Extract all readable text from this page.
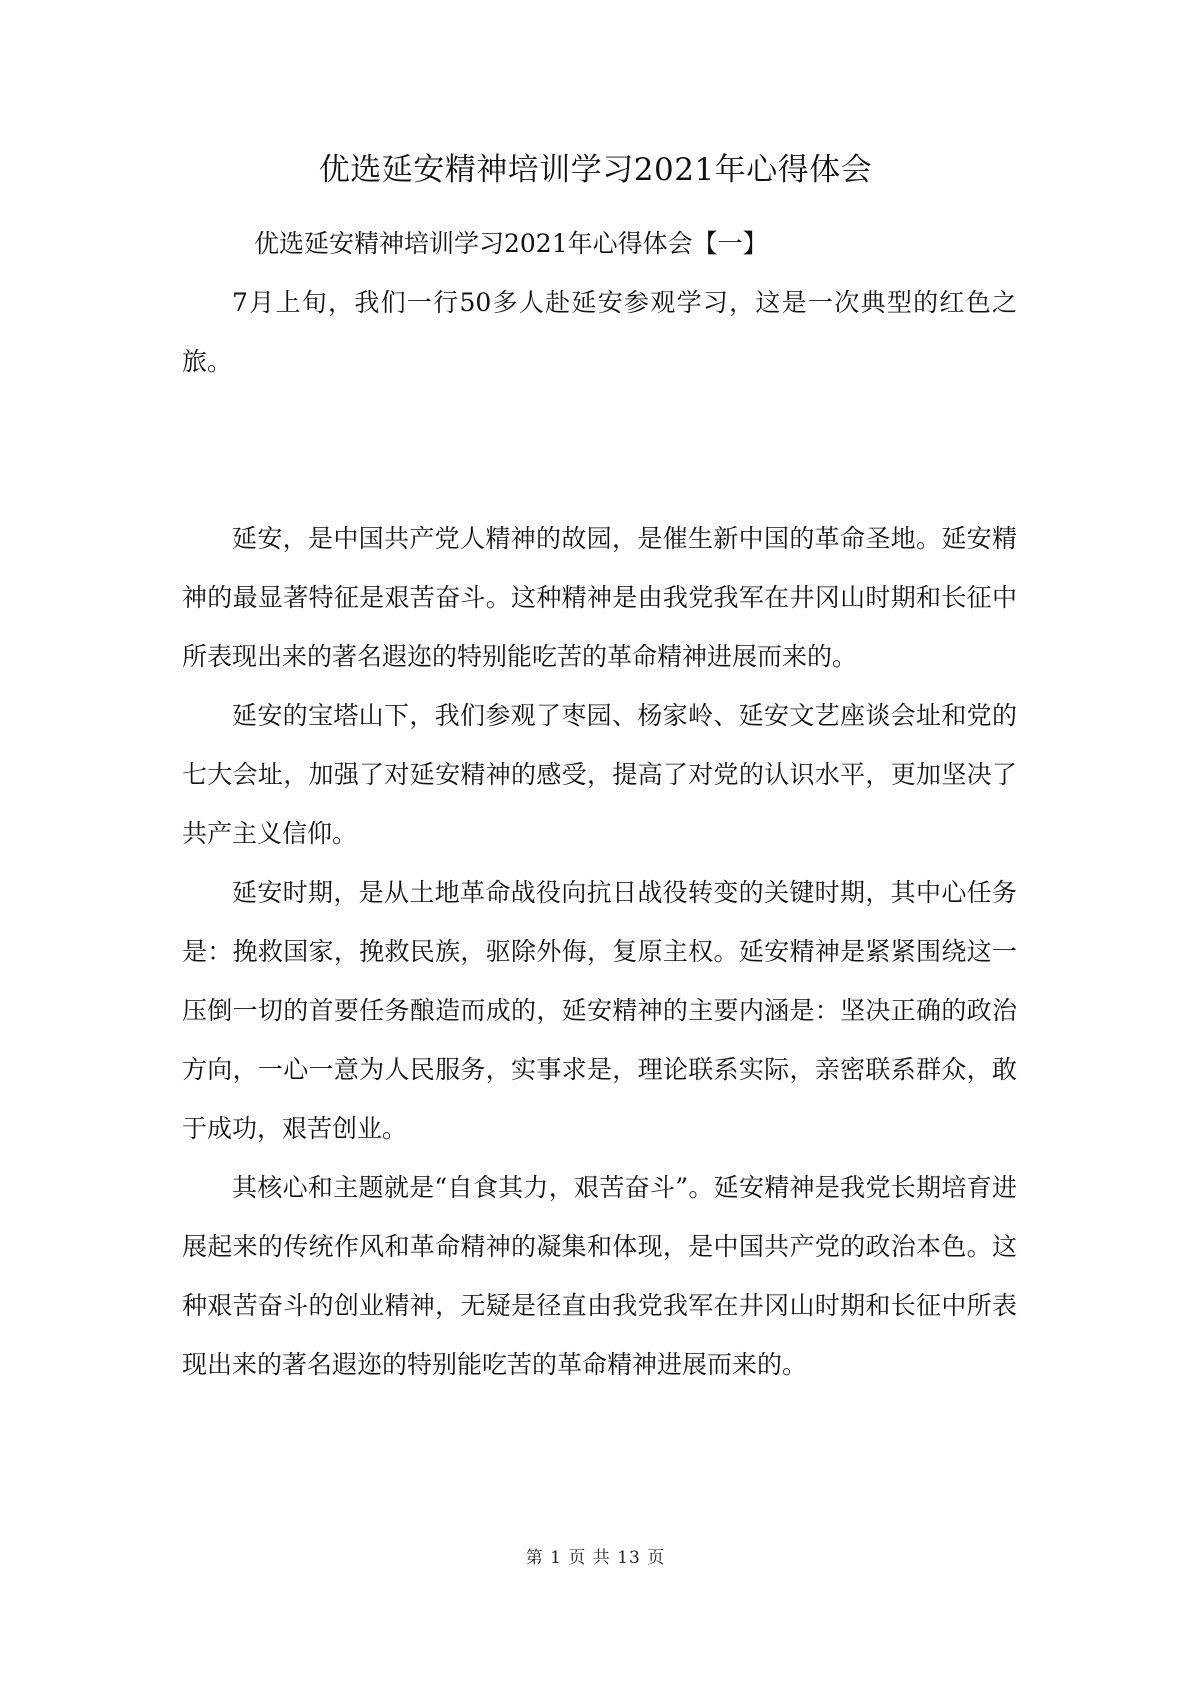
优选延安精神培训学习2021年心得体会

优选延安精神培训学习2021年心得体会【一】

7月上旬，我们一行50多人赴延安参观学习，这是一次典型的红色之旅。

延安，是中国共产党人精神的故园，是催生新中国的革命圣地。延安精神的最显著特征是艰苦奋斗。这种精神是由我党我军在井冈山时期和长征中所表现出来的著名遐迩的特别能吃苦的革命精神进展而来的。

延安的宝塔山下，我们参观了枣园、杨家岭、延安文艺座谈会址和党的七大会址，加强了对延安精神的感受，提高了对党的认识水平，更加坚决了共产主义信仰。

延安时期，是从土地革命战役向抗日战役转变的关键时期，其中心任务是：挽救国家，挽救民族，驱除外侮，复原主权。延安精神是紧紧围绕这一压倒一切的首要任务酿造而成的，延安精神的主要内涵是：坚决正确的政治方向，一心一意为人民服务，实事求是，理论联系实际，亲密联系群众，敢于成功，艰苦创业。

其核心和主题就是“自食其力，艰苦奋斗”。延安精神是我党长期培育进展起来的传统作风和革命精神的凝集和体现，是中国共产党的政治本色。这种艰苦奋斗的创业精神，无疑是径直由我党我军在井冈山时期和长征中所表现出来的著名遐迩的特别能吃苦的革命精神进展而来的。

第 1 页 共 13 页
